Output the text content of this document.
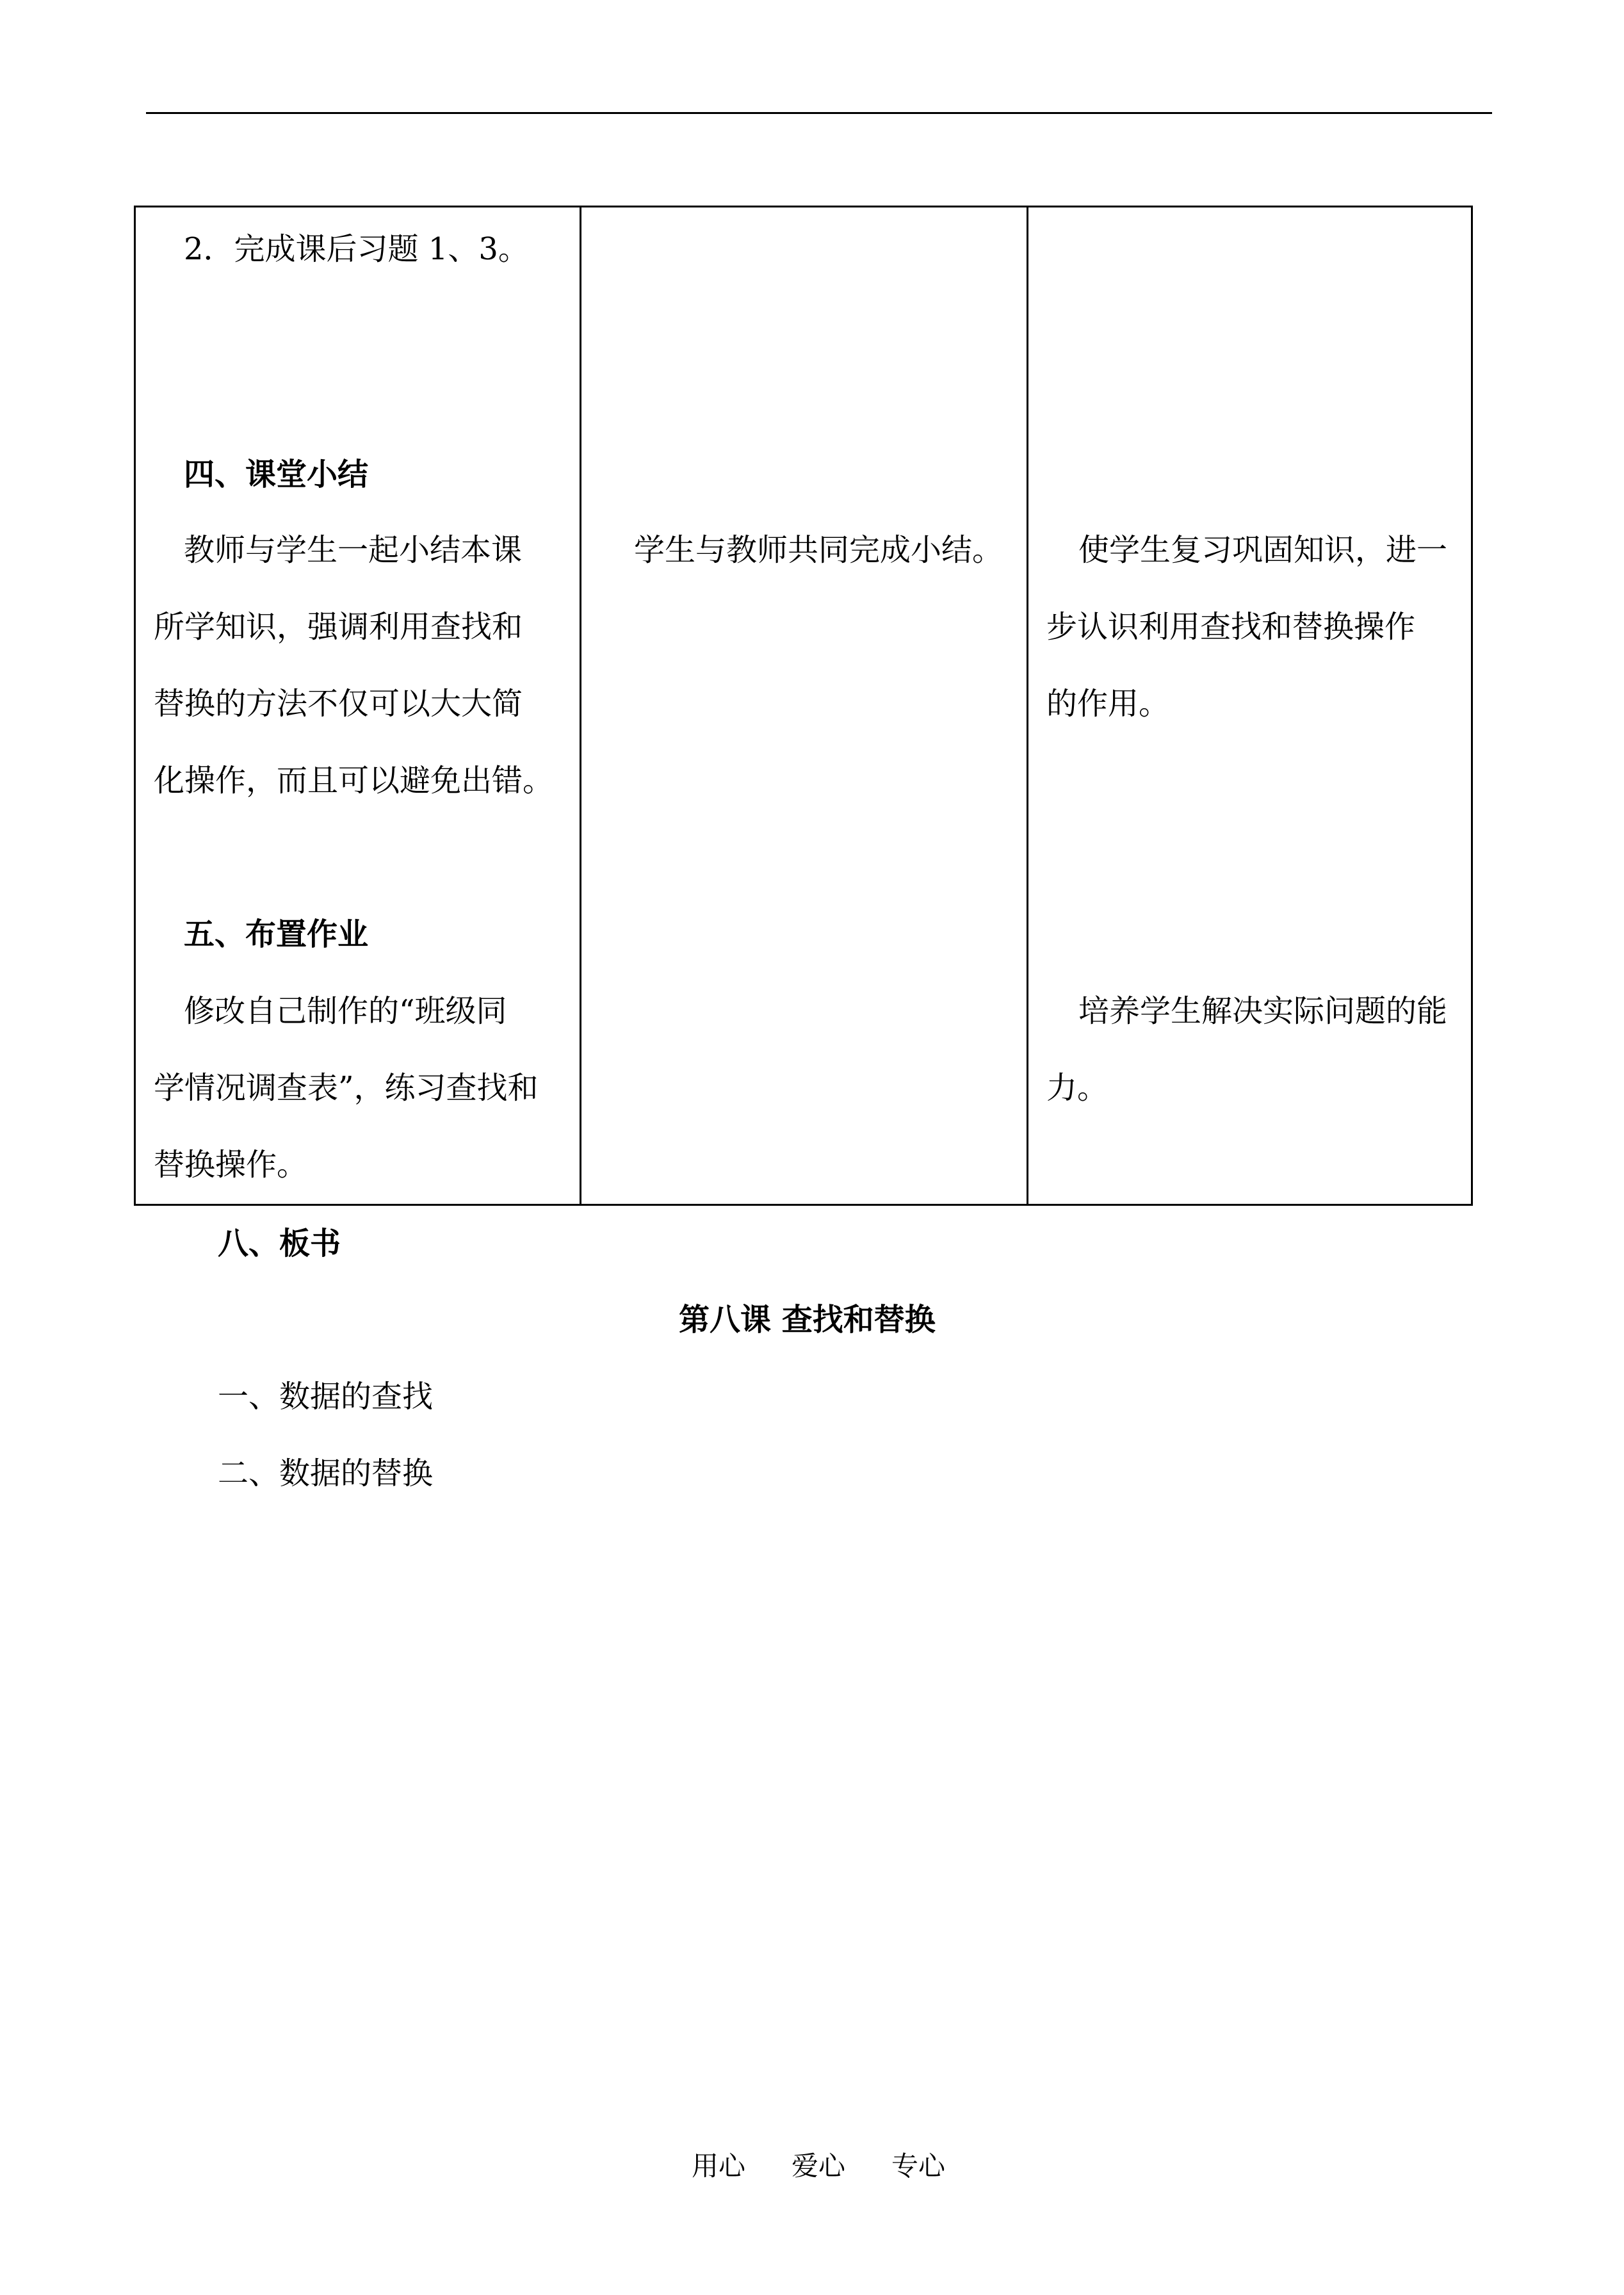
2．完成课后习题 1、3。
四、课堂小结
教师与学生一起小结本课
所学知识，强调利用查找和
替换的方法不仅可以大大简
化操作，而且可以避免出错。
五、布置作业
修改自己制作的“班级同
学情况调查表”，练习查找和
替换操作。
学生与教师共同完成小结。	使学生复习巩固知识，进一
步认识利用查找和替换操作
的作用。
培养学生解决实际问题的能
力。
八、板书
第八课 查找和替换
一、数据的查找
二、数据的替换
用心 爱心 专心
